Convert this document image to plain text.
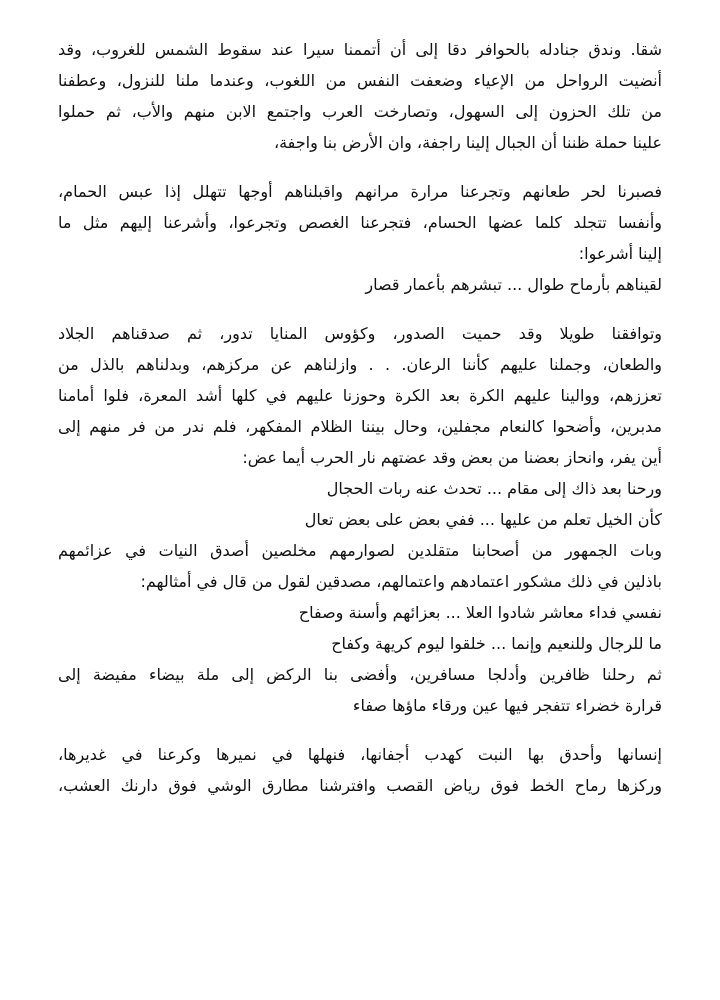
شقا. وندق جنادله بالحوافر دقا إلى أن أتممنا سيرا عند سقوط الشمس للغروب، وقد
أنضيت الرواحل من الإعياء وضعفت النفس من اللغوب، وعندما ملنا للنزول، وعطفنا
من تلك الحزون إلى السهول، وتصارخت العرب واجتمع الابن منهم والأب، ثم حملوا
علينا حملة ظننا أن الجبال إلينا راجفة، وان الأرض بنا واجفة،
فصبرنا لحر طعانهم وتجرعنا مرارة مرانهم واقبلناهم أوجها تتهلل إذا عبس الحمام،
وأنفسا تتجلد كلما عضها الحسام، فتجرعنا الغصص وتجرعوا، وأشرعنا إليهم مثل ما
إلينا أشرعوا:
لقيناهم بأرماح طوال ... تبشرهم بأعمار قصار
وتوافقنا طويلا وقد حميت الصدور، وكؤوس المنايا تدور، ثم صدقناهم الجلاد
والطعان، وجملنا عليهم كأننا الرعان. . . وازلناهم عن مركزهم، وبدلناهم بالذل من
تعززهم، ووالينا عليهم الكرة بعد الكرة وحوزنا عليهم في كلها أشد المعرة، فلوا أمامنا
مدبرين، وأضحوا كالنعام مجفلين، وحال بيننا الظلام المفكهر، فلم ندر من فر منهم إلى
أين يفر، وانحاز بعضنا من بعض وقد عضتهم نار الحرب أيما عض:
ورحنا بعد ذاك إلى مقام ... تحدث عنه ربات الحجال
كأن الخيل تعلم من عليها ... ففي بعض على بعض تعال
وبات الجمهور من أصحابنا متقلدين لصوارمهم مخلصين أصدق النيات في عزائمهم
باذلين في ذلك مشكور اعتمادهم واعتمالهم، مصدقين لقول من قال في أمثالهم:
نفسي فداء معاشر شادوا العلا ... بعزائهم وأسنة وصفاح
ما للرجال وللنعيم وإنما ... خلقوا ليوم كريهة وكفاح
ثم رحلنا ظافرين وأدلجا مسافرين، وأفضى بنا الركض إلى ملة بيضاء مفيضة إلى
قرارة خضراء تتفجر فيها عين ورقاء ماؤها صفاء
إنسانها وأحدق بها النبت كهدب أجفانها، فنهلها في نميرها وكرعنا في غديرها،
وركزها رماح الخط فوق رياض القصب وافترشنا مطارق الوشي فوق دارنك العشب،
